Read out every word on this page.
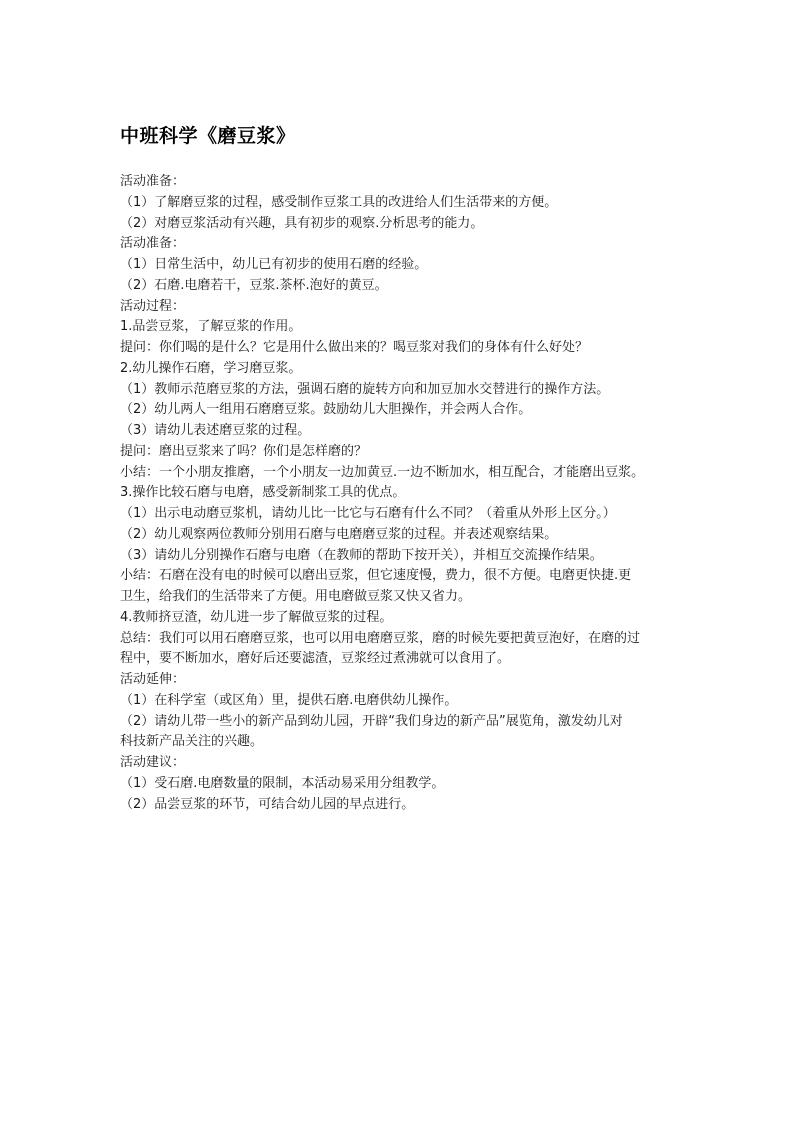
中班科学《磨豆浆》
活动准备：
（1）了解磨豆浆的过程，感受制作豆浆工具的改进给人们生活带来的方便。
（2）对磨豆浆活动有兴趣，具有初步的观察.分析思考的能力。
活动准备：
（1）日常生活中，幼儿已有初步的使用石磨的经验。
（2）石磨.电磨若干，豆浆.茶杯.泡好的黄豆。
活动过程：
1.品尝豆浆，了解豆浆的作用。
提问：你们喝的是什么？它是用什么做出来的？喝豆浆对我们的身体有什么好处？
2.幼儿操作石磨，学习磨豆浆。
（1）教师示范磨豆浆的方法，强调石磨的旋转方向和加豆加水交替进行的操作方法。
（2）幼儿两人一组用石磨磨豆浆。鼓励幼儿大胆操作，并会两人合作。
（3）请幼儿表述磨豆浆的过程。
提问：磨出豆浆来了吗？你们是怎样磨的？
小结：一个小朋友推磨，一个小朋友一边加黄豆.一边不断加水，相互配合，才能磨出豆浆。
3.操作比较石磨与电磨，感受新制浆工具的优点。
（1）出示电动磨豆浆机，请幼儿比一比它与石磨有什么不同？（着重从外形上区分。）
（2）幼儿观察两位教师分别用石磨与电磨磨豆浆的过程。并表述观察结果。
（3）请幼儿分别操作石磨与电磨（在教师的帮助下按开关），并相互交流操作结果。
小结：石磨在没有电的时候可以磨出豆浆，但它速度慢，费力，很不方便。电磨更快捷.更
卫生，给我们的生活带来了方便。用电磨做豆浆又快又省力。
4.教师挤豆渣，幼儿进一步了解做豆浆的过程。
总结：我们可以用石磨磨豆浆，也可以用电磨磨豆浆，磨的时候先要把黄豆泡好，在磨的过
程中，要不断加水，磨好后还要滤渣，豆浆经过煮沸就可以食用了。
活动延伸：
（1）在科学室（或区角）里，提供石磨.电磨供幼儿操作。
（2）请幼儿带一些小的新产品到幼儿园，开辟“我们身边的新产品”展览角，激发幼儿对
科技新产品关注的兴趣。
活动建议：
（1）受石磨.电磨数量的限制，本活动易采用分组教学。
（2）品尝豆浆的环节，可结合幼儿园的早点进行。
